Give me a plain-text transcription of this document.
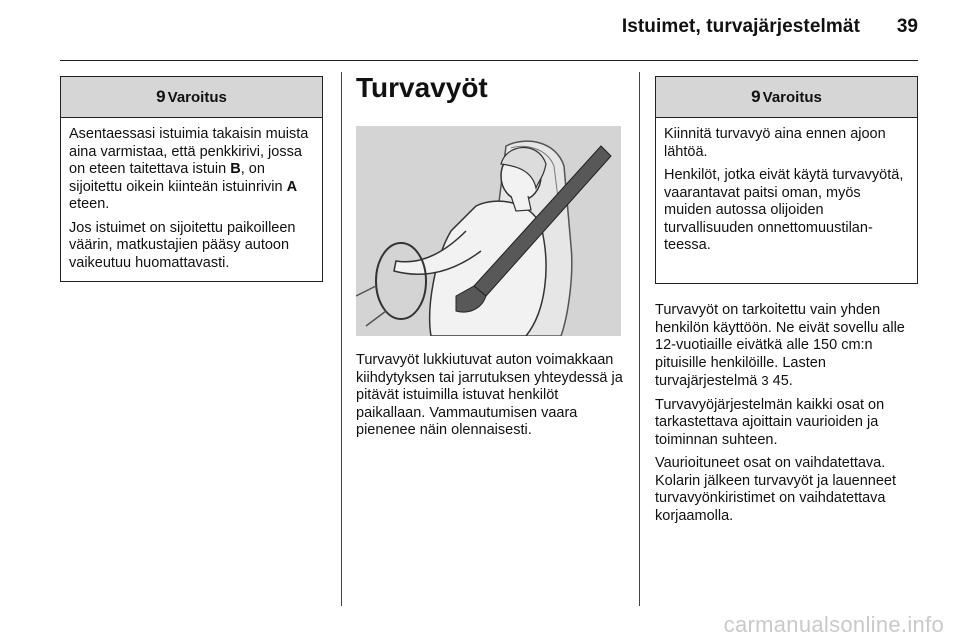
Istuimet, turvajärjestelmät 39
9 Varoitus

Asentaessasi istuimia takaisin muista aina varmistaa, että penkkirivi, jossa on eteen taitettava istuin B, on sijoitettu oikein kiinteän istuinrivin A eteen.

Jos istuimet on sijoitettu paikoilleen väärin, matkustajien pääsy autoon vaikeutuu huomattavasti.

Turvavyöt

Turvavyöt lukkiutuvat auton voimakkaan kiihdytyksen tai jarrutuksen yhteydessä ja pitävät istuimilla istuvat henkilöt paikallaan. Vammautumisen vaara pienenee näin olennaisesti.

9 Varoitus

Kiinnitä turvavyö aina ennen ajoon lähtöä.

Henkilöt, jotka eivät käytä turvavyötä, vaarantavat paitsi oman, myös muiden autossa olijoiden turvallisuuden onnettomuustilanteessa.

Turvavyöt on tarkoitettu vain yhden henkilön käyttöön. Ne eivät sovellu alle 12-vuotiaille eivätkä alle 150 cm:n pituisille henkilöille. Lasten turvajärjestelmä 3 45.

Turvavyöjärjestelmän kaikki osat on tarkastettava ajoittain vaurioiden ja toiminnan suhteen.

Vaurioituneet osat on vaihdatettava. Kolarin jälkeen turvavyöt ja lauenneet turvavyönkiristimet on vaihdatettava korjaamolla.

carmanualsonline.info
